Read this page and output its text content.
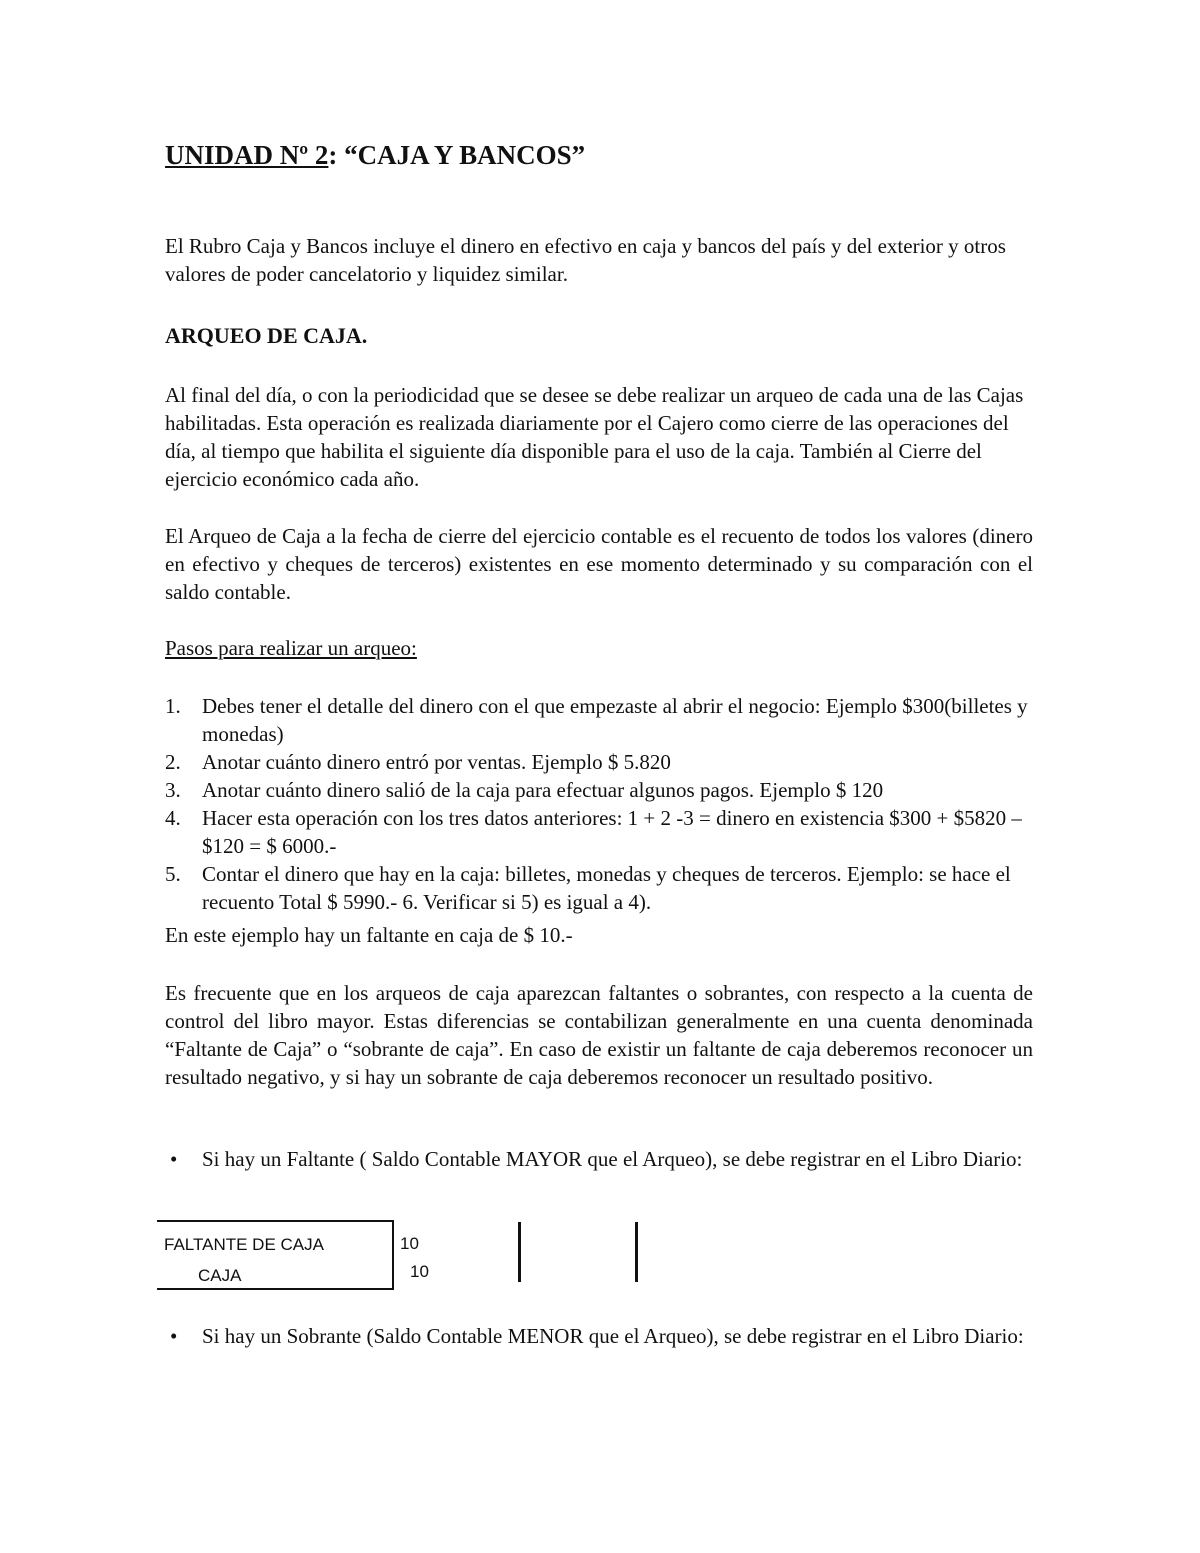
UNIDAD Nº 2: “CAJA Y BANCOS”

El Rubro Caja y Bancos incluye el dinero en efectivo en caja y bancos del país y del exterior y otros valores de poder cancelatorio y liquidez similar.

ARQUEO DE CAJA.

Al final del día, o con la periodicidad que se desee se debe realizar un arqueo de cada una de las Cajas habilitadas. Esta operación es realizada diariamente por el Cajero como cierre de las operaciones del día, al tiempo que habilita el siguiente día disponible para el uso de la caja. También al Cierre del ejercicio económico cada año.

El Arqueo de Caja a la fecha de cierre del ejercicio contable es el recuento de todos los valores (dinero en efectivo y cheques de terceros) existentes en ese momento determinado y su comparación con el saldo contable.

Pasos para realizar un arqueo:
1. Debes tener el detalle del dinero con el que empezaste al abrir el negocio: Ejemplo $300(billetes y monedas)
2. Anotar cuánto dinero entró por ventas. Ejemplo $ 5.820
3. Anotar cuánto dinero salió de la caja para efectuar algunos pagos. Ejemplo $ 120
4. Hacer esta operación con los tres datos anteriores: 1 + 2 -3 = dinero en existencia $300 + $5820 – $120 = $ 6000.-
5. Contar el dinero que hay en la caja: billetes, monedas y cheques de terceros. Ejemplo: se hace el recuento Total $ 5990.- 6. Verificar si 5) es igual a 4).
En este ejemplo hay un faltante en caja de $ 10.-

Es frecuente que en los arqueos de caja aparezcan faltantes o sobrantes, con respecto a la cuenta de control del libro mayor. Estas diferencias se contabilizan generalmente en una cuenta denominada “Faltante de Caja” o “sobrante de caja”. En caso de existir un faltante de caja deberemos reconocer un resultado negativo, y si hay un sobrante de caja deberemos reconocer un resultado positivo.

• Si hay un Faltante ( Saldo Contable MAYOR que el Arqueo), se debe registrar en el Libro Diario:
• Si hay un Sobrante (Saldo Contable MENOR que el Arqueo), se debe registrar en el Libro Diario:
FALTANTE DE CAJA
CAJA
10
10
